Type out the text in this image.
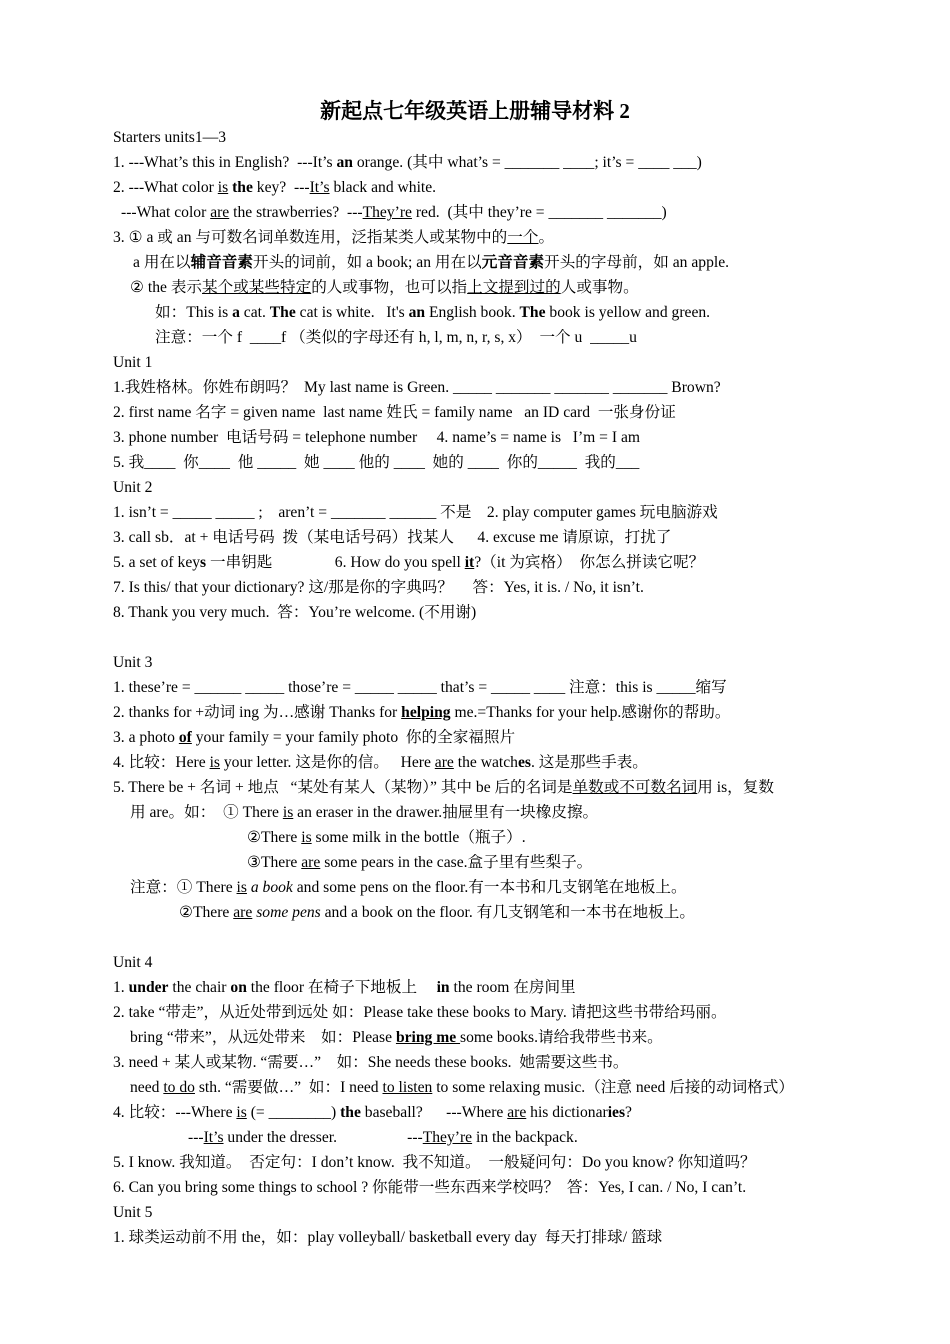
新起点七年级英语上册辅导材料 2
Starters units1—3
1. ---What’s this in English?  ---It’s an orange. (其中 what’s = _______ ____; it’s = ____ ___)
2. ---What color is the key?  ---It’s black and white.
---What color are the strawberries?  ---They’re red.  (其中 they’re = _______ _______)
3. ① a 或 an 与可数名词单数连用，泛指某类人或某物中的一个。
a 用在以辅音音素开头的词前，如 a book; an 用在以元音音素开头的字母前，如 an apple.
② the 表示某个或某些特定的人或事物，也可以指上文提到过的人或事物。
如：This is a cat. The cat is white.   It's an English book. The book is yellow and green.
注意：一个 f  ____f （类似的字母还有 h, l, m, n, r, s, x）  一个 u  _____u
Unit 1
1.我姓格林。你姓布朗吗？  My last name is Green. _____ _______ _______ _______ Brown?
2. first name 名字 = given name  last name 姓氏 = family name   an ID card  一张身份证
3. phone number  电话号码 = telephone number     4. name’s = name is   I’m = I am
5. 我____  你____  他 _____  她 ____ 他的 ____  她的 ____  你的_____  我的___
Unit 2
1. isn’t = _____ _____ ;    aren’t = _______ ______ 不是    2. play computer games 玩电脑游戏
3. call sb．at + 电话号码  拨（某电话号码）找某人      4. excuse me 请原谅，打扰了
5. a set of keys 一串钥匙                6. How do you spell it?（it 为宾格）  你怎么拼读它呢？
7. Is this/ that your dictionary? 这/那是你的字典吗？     答：Yes, it is. / No, it isn’t.
8. Thank you very much.  答：You’re welcome. (不用谢)
Unit 3
1. these’re = ______ _____ those’re = _____ _____ that’s = _____ ____ 注意：this is _____缩写
2. thanks for +动词 ing 为…感谢 Thanks for helping me.=Thanks for your help.感谢你的帮助。
3. a photo of your family = your family photo  你的全家福照片
4. 比较：Here is your letter. 这是你的信。   Here are the watches. 这是那些手表。
5. There be + 名词 + 地点   “某处有某人（某物）” 其中 be 后的名词是单数或不可数名词用 is，复数
用 are。如：  ① There is an eraser in the drawer.抽屉里有一块橡皮擦。
②There is some milk in the bottle（瓶子）.
③There are some pears in the case.盒子里有些梨子。
注意：① There is a book and some pens on the floor.有一本书和几支钢笔在地板上。
②There are some pens and a book on the floor. 有几支钢笔和一本书在地板上。
Unit 4
1. under the chair on the floor 在椅子下地板上     in the room 在房间里
2. take “带走”，从近处带到远处 如：Please take these books to Mary. 请把这些书带给玛丽。
bring “带来”，从远处带来    如：Please bring me some books.请给我带些书来。
3. need + 某人或某物. “需要…”    如：She needs these books.  她需要这些书。
need to do sth. “需要做…”  如：I need to listen to some relaxing music.（注意 need 后接的动词格式）
4. 比较：---Where is (= ________) the baseball?      ---Where are his dictionaries?
---It’s under the dresser.                  ---They’re in the backpack.
5. I know. 我知道。  否定句：I don’t know.  我不知道。  一般疑问句：Do you know? 你知道吗？
6. Can you bring some things to school ? 你能带一些东西来学校吗？  答：Yes, I can. / No, I can’t.
Unit 5
1. 球类运动前不用 the，如：play volleyball/ basketball every day  每天打排球/ 篮球
